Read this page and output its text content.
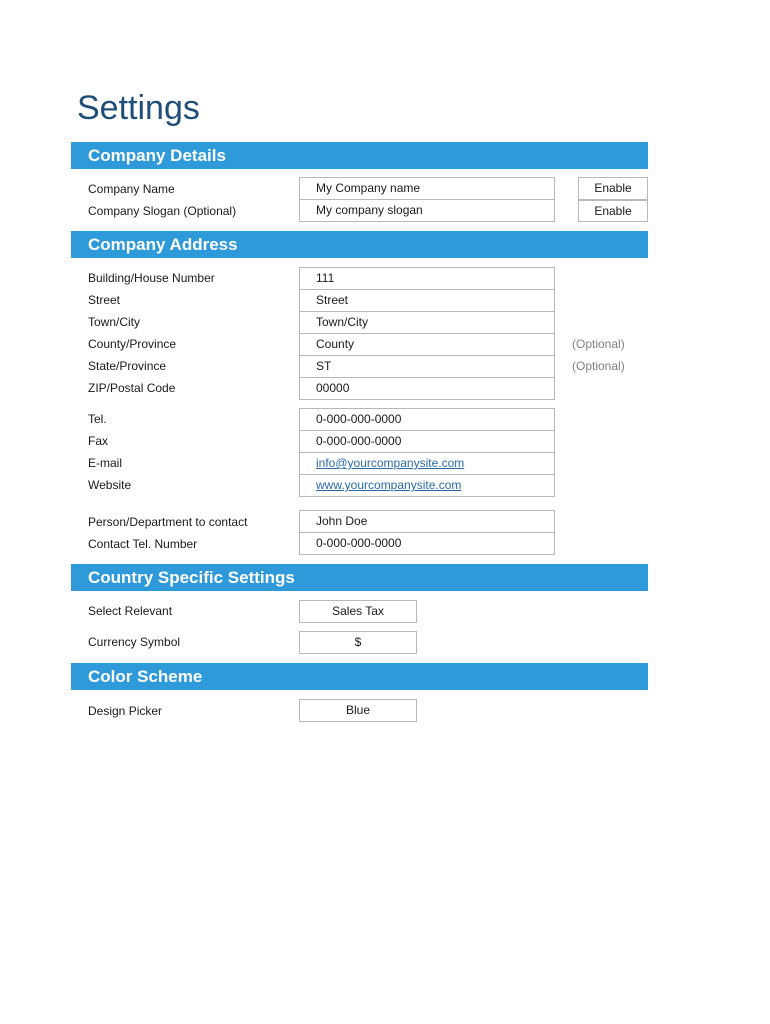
Settings
Company Details
Company Name	My Company name	Enable
Company Slogan (Optional)	My company slogan	Enable
Company Address
Building/House Number	111
Street	Street
Town/City	Town/City
County/Province	County	(Optional)
State/Province	ST	(Optional)
ZIP/Postal Code	00000
Tel.	0-000-000-0000
Fax	0-000-000-0000
E-mail	info@yourcompanysite.com
Website	www.yourcompanysite.com
Person/Department to contact	John Doe
Contact Tel. Number	0-000-000-0000
Country Specific Settings
Select Relevant	Sales Tax
Currency Symbol	$
Color Scheme
Design Picker	Blue
